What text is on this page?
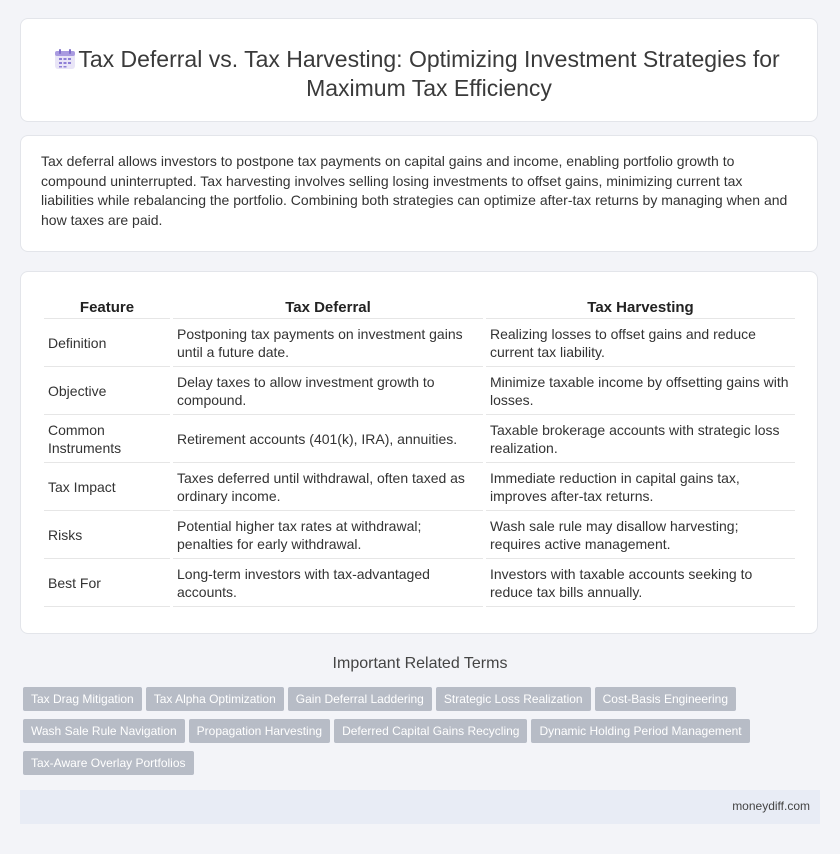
Tax Deferral vs. Tax Harvesting: Optimizing Investment Strategies for Maximum Tax Efficiency
Tax deferral allows investors to postpone tax payments on capital gains and income, enabling portfolio growth to compound uninterrupted. Tax harvesting involves selling losing investments to offset gains, minimizing current tax liabilities while rebalancing the portfolio. Combining both strategies can optimize after-tax returns by managing when and how taxes are paid.
Feature	Tax Deferral	Tax Harvesting
Definition	Postponing tax payments on investment gains until a future date.	Realizing losses to offset gains and reduce current tax liability.
Objective	Delay taxes to allow investment growth to compound.	Minimize taxable income by offsetting gains with losses.
Common Instruments	Retirement accounts (401(k), IRA), annuities.	Taxable brokerage accounts with strategic loss realization.
Tax Impact	Taxes deferred until withdrawal, often taxed as ordinary income.	Immediate reduction in capital gains tax, improves after-tax returns.
Risks	Potential higher tax rates at withdrawal; penalties for early withdrawal.	Wash sale rule may disallow harvesting; requires active management.
Best For	Long-term investors with tax-advantaged accounts.	Investors with taxable accounts seeking to reduce tax bills annually.
Important Related Terms
Tax Drag Mitigation Tax Alpha Optimization Gain Deferral Laddering Strategic Loss Realization Cost-Basis EngineeringWash Sale Rule Navigation Propagation Harvesting Deferred Capital Gains Recycling Dynamic Holding Period ManagementTax-Aware Overlay Portfolios
moneydiff.com
